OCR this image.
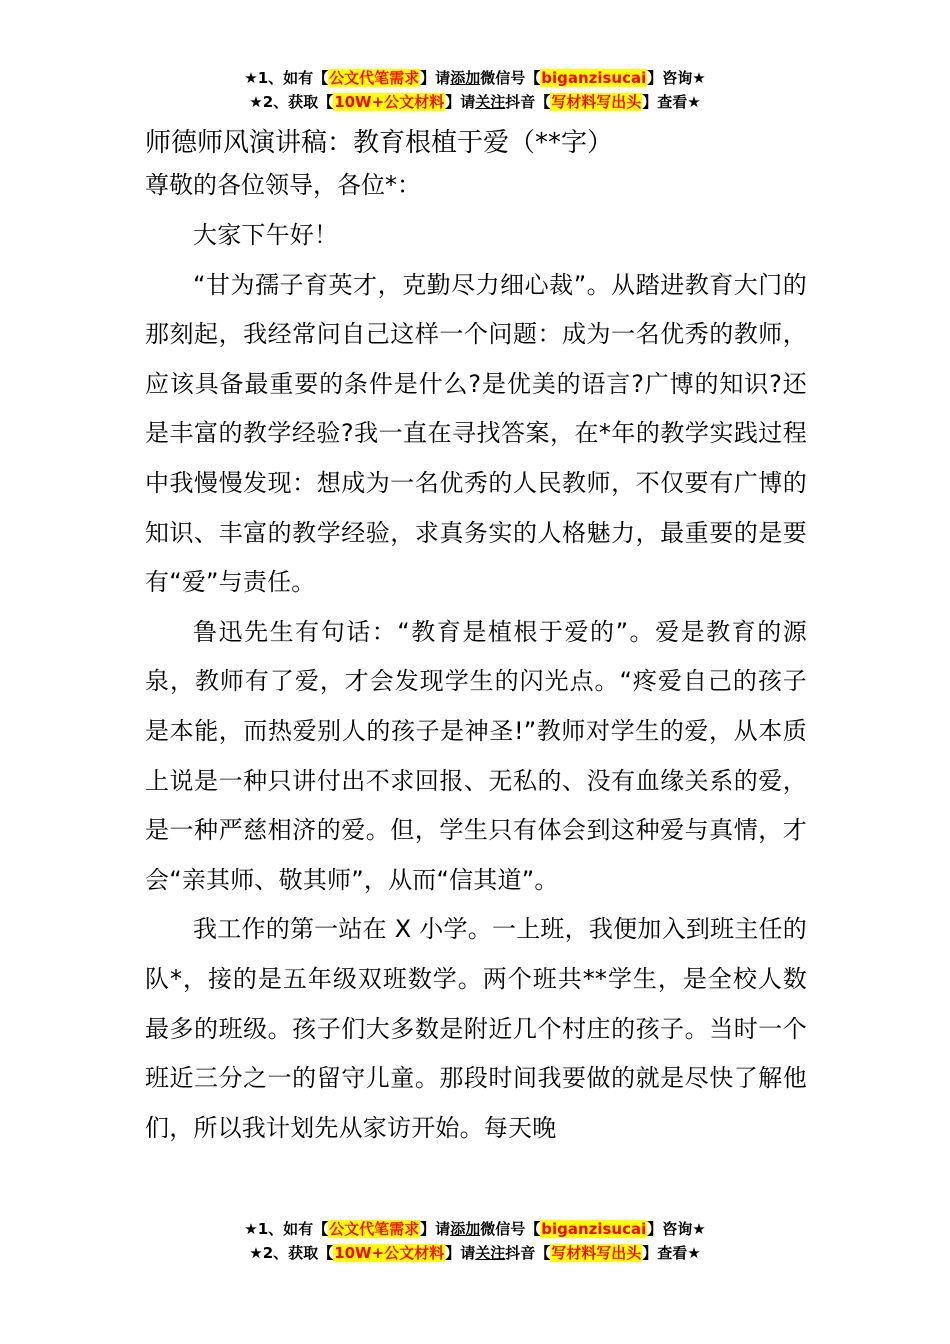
★1、如有【公文代笔需求】请添加微信号【biganzisucai】咨询★
★2、获取【10W+公文材料】请关注抖音【写材料写出头】查看★
师德师风演讲稿：教育根植于爱（**字）

尊敬的各位领导，各位*：

大家下午好！

“甘为孺子育英才，克勤尽力细心裁”。从踏进教育大门的那刻起，我经常问自己这样一个问题：成为一名优秀的教师，应该具备最重要的条件是什么?是优美的语言?广博的知识?还是丰富的教学经验?我一直在寻找答案，在*年的教学实践过程中我慢慢发现：想成为一名优秀的人民教师，不仅要有广博的知识、丰富的教学经验，求真务实的人格魅力，最重要的是要有“爱”与责任。

鲁迅先生有句话：“教育是植根于爱的”。爱是教育的源泉，教师有了爱，才会发现学生的闪光点。“疼爱自己的孩子是本能，而热爱别人的孩子是神圣!”教师对学生的爱，从本质上说是一种只讲付出不求回报、无私的、没有血缘关系的爱，是一种严慈相济的爱。但，学生只有体会到这种爱与真情，才会“亲其师、敬其师”，从而“信其道”。

我工作的第一站在 X 小学。一上班，我便加入到班主任的队*，接的是五年级双班数学。两个班共**学生，是全校人数最多的班级。孩子们大多数是附近几个村庄的孩子。当时一个班近三分之一的留守儿童。那段时间我要做的就是尽快了解他们，所以我计划先从家访开始。每天晚

★1、如有【公文代笔需求】请添加微信号【biganzisucai】咨询★
★2、获取【10W+公文材料】请关注抖音【写材料写出头】查看★
